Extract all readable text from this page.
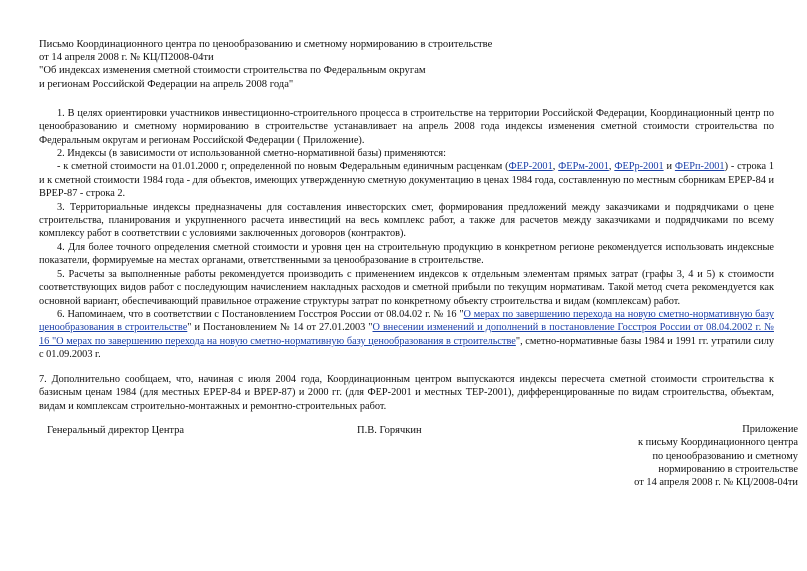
Письмо Координационного центра по ценообразованию и сметному нормированию в строительстве
от 14 апреля 2008 г. № КЦ/П2008-04ти
"Об индексах изменения сметной стоимости строительства по Федеральным округам
и регионам Российской Федерации на апрель 2008 года"

1. В целях ориентировки участников инвестиционно-строительного процесса в строительстве на территории Российской Федерации, Координационный центр по ценообразованию и сметному нормированию в строительстве устанавливает на апрель 2008 года индексы изменения сметной стоимости строительства по Федеральным округам и регионам Российской Федерации ( Приложение).

2. Индексы (в зависимости от использованной сметно-нормативной базы) применяются:

- к сметной стоимости на 01.01.2000 г, определенной по новым Федеральным единичным расценкам (ФЕР-2001, ФЕРм-2001, ФЕРр-2001 и ФЕРп-2001) - строка 1 и к сметной стоимости 1984 года - для объектов, имеющих утвержденную сметную документацию в ценах 1984 года, составленную по местным сборникам ЕРЕР-84 и ВРЕР-87 - строка 2.

3. Территориальные индексы предназначены для составления инвесторских смет, формирования предложений между заказчиками и подрядчиками о цене строительства, планирования и укрупненного расчета инвестиций на весь комплекс работ, а также для расчетов между заказчиками и подрядчиками по всему комплексу работ в соответствии с условиями заключенных договоров (контрактов).

4. Для более точного определения сметной стоимости и уровня цен на строительную продукцию в конкретном регионе рекомендуется использовать индексные показатели, формируемые на местах органами, ответственными за ценообразование в строительстве.

5. Расчеты за выполненные работы рекомендуется производить с применением индексов к отдельным элементам прямых затрат (графы 3, 4 и 5) к стоимости соответствующих видов работ с последующим начислением накладных расходов и сметной прибыли по текущим нормативам. Такой метод счета рекомендуется как основной вариант, обеспечивающий правильное отражение структуры затрат по конкретному объекту строительства и видам (комплексам) работ.

6. Напоминаем, что в соответствии с Постановлением Госстроя России от 08.04.02 г. № 16 "О мерах по завершению перехода на новую сметно-нормативную базу ценообразования в строительстве" и Постановлением № 14 от 27.01.2003 "О внесении изменений и дополнений в постановление Госстроя России от 08.04.2002 г. № 16 "О мерах по завершению перехода на новую сметно-нормативную базу ценообразования в строительстве", сметно-нормативные базы 1984 и 1991 гг. утратили силу с 01.09.2003 г.

7. Дополнительно сообщаем, что, начиная с июля 2004 года, Координационным центром выпускаются индексы пересчета сметной стоимости строительства к базисным ценам 1984 (для местных ЕРЕР-84 и ВРЕР-87) и 2000 гг. (для ФЕР-2001 и местных ТЕР-2001), дифференцированные по видам строительства, объектам, видам и комплексам строительно-монтажных и ремонтно-строительных работ.

Генеральный директор Центра	П.В. Горячкин	Приложение
к письму Координационного центра
по ценообразованию и сметному
нормированию в строительстве
от 14 апреля 2008 г. № КЦ/2008-04ти
